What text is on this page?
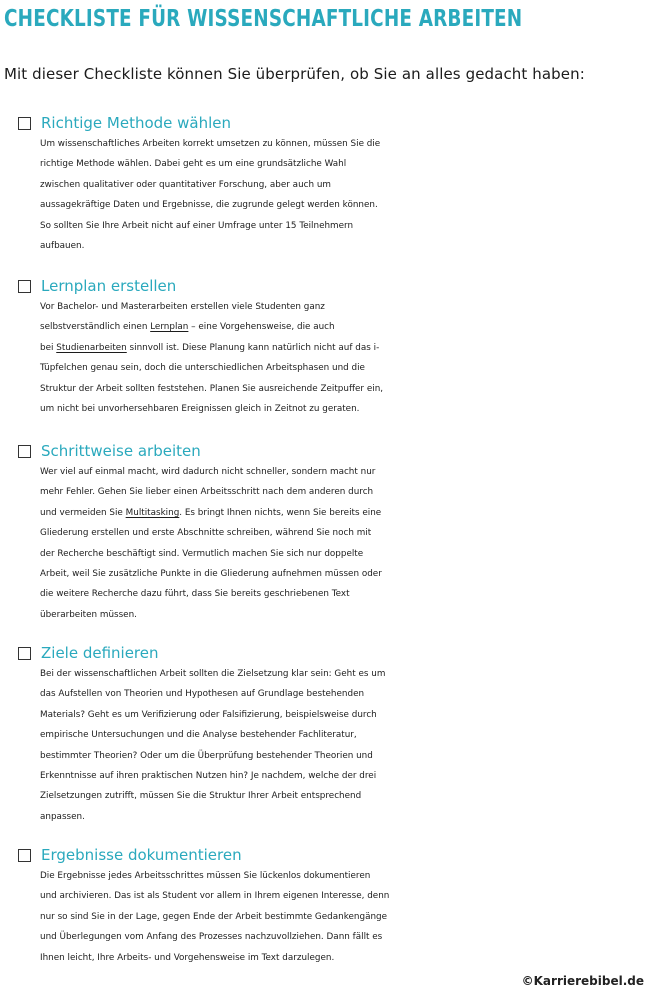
CHECKLISTE FÜR WISSENSCHAFTLICHE ARBEITEN
Mit dieser Checkliste können Sie überprüfen, ob Sie an alles gedacht haben:
Richtige Methode wählen
Um wissenschaftliches Arbeiten korrekt umsetzen zu können, müssen Sie die
richtige Methode wählen. Dabei geht es um eine grundsätzliche Wahl
zwischen qualitativer oder quantitativer Forschung, aber auch um
aussagekräftige Daten und Ergebnisse, die zugrunde gelegt werden können.
So sollten Sie Ihre Arbeit nicht auf einer Umfrage unter 15 Teilnehmern
aufbauen.
Lernplan erstellen
Vor Bachelor- und Masterarbeiten erstellen viele Studenten ganz
selbstverständlich einen Lernplan – eine Vorgehensweise, die auch
bei Studienarbeiten sinnvoll ist. Diese Planung kann natürlich nicht auf das i-
Tüpfelchen genau sein, doch die unterschiedlichen Arbeitsphasen und die
Struktur der Arbeit sollten feststehen. Planen Sie ausreichende Zeitpuffer ein,
um nicht bei unvorhersehbaren Ereignissen gleich in Zeitnot zu geraten.
Schrittweise arbeiten
Wer viel auf einmal macht, wird dadurch nicht schneller, sondern macht nur
mehr Fehler. Gehen Sie lieber einen Arbeitsschritt nach dem anderen durch
und vermeiden Sie Multitasking. Es bringt Ihnen nichts, wenn Sie bereits eine
Gliederung erstellen und erste Abschnitte schreiben, während Sie noch mit
der Recherche beschäftigt sind. Vermutlich machen Sie sich nur doppelte
Arbeit, weil Sie zusätzliche Punkte in die Gliederung aufnehmen müssen oder
die weitere Recherche dazu führt, dass Sie bereits geschriebenen Text
überarbeiten müssen.
Ziele definieren
Bei der wissenschaftlichen Arbeit sollten die Zielsetzung klar sein: Geht es um
das Aufstellen von Theorien und Hypothesen auf Grundlage bestehenden
Materials? Geht es um Verifizierung oder Falsifizierung, beispielsweise durch
empirische Untersuchungen und die Analyse bestehender Fachliteratur,
bestimmter Theorien? Oder um die Überprüfung bestehender Theorien und
Erkenntnisse auf ihren praktischen Nutzen hin? Je nachdem, welche der drei
Zielsetzungen zutrifft, müssen Sie die Struktur Ihrer Arbeit entsprechend
anpassen.
Ergebnisse dokumentieren
Die Ergebnisse jedes Arbeitsschrittes müssen Sie lückenlos dokumentieren
und archivieren. Das ist als Student vor allem in Ihrem eigenen Interesse, denn
nur so sind Sie in der Lage, gegen Ende der Arbeit bestimmte Gedankengänge
und Überlegungen vom Anfang des Prozesses nachzuvollziehen. Dann fällt es
Ihnen leicht, Ihre Arbeits- und Vorgehensweise im Text darzulegen.
©Karrierebibel.de
